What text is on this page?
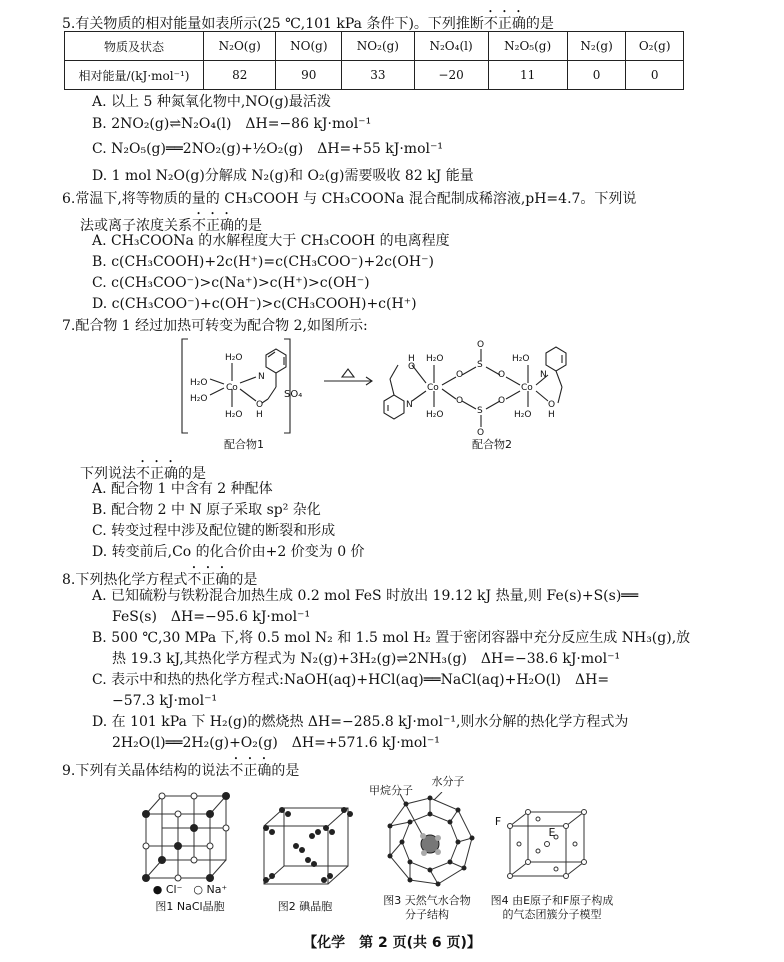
5.有关物质的相对能量如表所示(25 ℃,101 kPa 条件下)。下列推断不正确的是
物质及状态	N₂O(g)	NO(g)	NO₂(g)	N₂O₄(l)	N₂O₅(g)	N₂(g)	O₂(g)
相对能量/(kJ·mol⁻¹)	82	90	33	−20	11	0	0
A. 以上 5 种氮氧化物中,NO(g)最活泼
B. 2NO₂(g)⇌N₂O₄(l)　ΔH=−86 kJ·mol⁻¹
C. N₂O₅(g)══2NO₂(g)+½O₂(g)　ΔH=+55 kJ·mol⁻¹
D. 1 mol N₂O(g)分解成 N₂(g)和 O₂(g)需要吸收 82 kJ 能量
6.常温下,将等物质的量的 CH₃COOH 与 CH₃COONa 混合配制成稀溶液,pH=4.7。下列说
法或离子浓度关系不正确的是
A. CH₃COONa 的水解程度大于 CH₃COOH 的电离程度
B. c(CH₃COOH)+2c(H⁺)=c(CH₃COO⁻)+2c(OH⁻)
C. c(CH₃COO⁻)>c(Na⁺)>c(H⁺)>c(OH⁻)
D. c(CH₃COO⁻)+c(OH⁻)>c(CH₃COOH)+c(H⁺)
7.配合物 1 经过加热可转变为配合物 2,如图所示:
H₂O
H₂O Co
H₂O
H₂O
N
O
H
H
O
H₂O
Co
N
H₂O
O
O
S
S
O
O
O
O
Co
H₂O
H₂O
N
O
H
SO₄
配合物1	配合物2
下列说法不正确的是
A. 配合物 1 中含有 2 种配体
B. 配合物 2 中 N 原子采取 sp² 杂化
C. 转变过程中涉及配位键的断裂和形成
D. 转变前后,Co 的化合价由+2 价变为 0 价
8.下列热化学方程式不正确的是
A. 已知硫粉与铁粉混合加热生成 0.2 mol FeS 时放出 19.12 kJ 热量,则 Fe(s)+S(s)══
FeS(s)　ΔH=−95.6 kJ·mol⁻¹
B. 500 ℃,30 MPa 下,将 0.5 mol N₂ 和 1.5 mol H₂ 置于密闭容器中充分反应生成 NH₃(g),放
热 19.3 kJ,其热化学方程式为 N₂(g)+3H₂(g)⇌2NH₃(g)　ΔH=−38.6 kJ·mol⁻¹
C. 表示中和热的热化学方程式:NaOH(aq)+HCl(aq)══NaCl(aq)+H₂O(l)　ΔH=
−57.3 kJ·mol⁻¹
D. 在 101 kPa 下 H₂(g)的燃烧热 ΔH=−285.8 kJ·mol⁻¹,则水分解的热化学方程式为
2H₂O(l)══2H₂(g)+O₂(g)　ΔH=+571.6 kJ·mol⁻¹
9.下列有关晶体结构的说法不正确的是
● Cl⁻　○ Na⁺
图1 NaCl晶胞	图2 碘晶胞
甲烷分子
水分子
图3 天然气水合物分子结构
F
E
图4 由E原子和F原子构成的气态团簇分子模型
【化学　第 2 页(共 6 页)】
